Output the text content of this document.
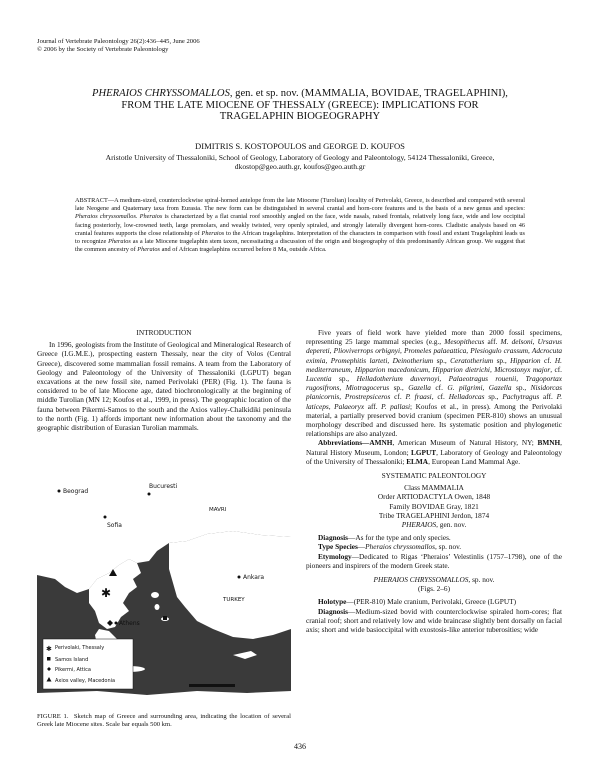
Journal of Vertebrate Paleontology 26(2):436–445, June 2006
© 2006 by the Society of Vertebrate Paleontology
PHERAIOS CHRYSSOMALLOS, gen. et sp. nov. (MAMMALIA, BOVIDAE, TRAGELAPHINI),
FROM THE LATE MIOCENE OF THESSALY (GREECE): IMPLICATIONS FOR
TRAGELAPHIN BIOGEOGRAPHY
DIMITRIS S. KOSTOPOULOS and GEORGE D. KOUFOS
Aristotle University of Thessaloniki, School of Geology, Laboratory of Geology and Paleontology, 54124 Thessaloniki, Greece,
dkostop@geo.auth.gr, koufos@geo.auth.gr
ABSTRACT—A medium-sized, counterclockwise spiral-horned antelope from the late Miocene (Turolian) locality of Perivolaki, Greece, is described and compared with several late Neogene and Quaternary taxa from Eurasia. The new form can be distinguished in several cranial and horn-core features and is the basis of a new genus and species: Pheraios chryssomallos. Pheraios is characterized by a flat cranial roof smoothly angled on the face, wide nasals, raised frontals, relatively long face, wide and low occipital facing posteriorly, low-crowned teeth, large premolars, and weakly twisted, very openly spiraled, and strongly laterally divergent horn-cores. Cladistic analysis based on 46 cranial features supports the close relationship of Pheraios to the African tragelaphins. Interpretation of the characters in comparison with fossil and extant Tragelaphini leads us to recognize Pheraios as a late Miocene tragelaphin stem taxon, necessitating a discussion of the origin and biogeography of this predominantly African group. We suggest that the common ancestry of Pheraios and of African tragelaphins occurred before 8 Ma, outside Africa.
INTRODUCTION

In 1996, geologists from the Institute of Geological and Mineralogical Research of Greece (I.G.M.E.), prospecting eastern Thessaly, near the city of Volos (Central Greece), discovered some mammalian fossil remains. A team from the Laboratory of Geology and Paleontology of the University of Thessaloniki (LGPUT) began excavations at the new fossil site, named Perivolaki (PER) (Fig. 1). The fauna is considered to be of late Miocene age, dated biochronologically at the beginning of middle Turolian (MN 12; Koufos et al., 1999, in press). The geographic location of the fauna between Pikermi-Samos to the south and the Axios valley-Chalkidiki peninsula to the north (Fig. 1) affords important new information about the taxonomy and the geographic distribution of Eurasian Turolian mammals.

Beograd
Bucuresti
Sofia
MAVRI
Ankara
TURKEY
Athens
✱
✱ Perivolaki, Thessaly
Samos Island
Pikermi, Attica
Axios valley, Macedonia
FIGURE 1. Sketch map of Greece and surrounding area, indicating the location of several Greek late Miocene sites. Scale bar equals 500 km.

Five years of field work have yielded more than 2000 fossil specimens, representing 25 large mammal species (e.g., Mesopithecus aff. M. delsoni, Ursavus depereti, Plioviverrops orbignyi, Promeles palaeattica, Plesiogulo crassum, Adcrocuta eximia, Promephitis larteti, Deinotherium sp., Ceratotherium sp., Hipparion cf. H. mediterraneum, Hipparion macedonicum, Hipparion dietrichi, Microstonyx major, cf. Lucentia sp., Helladotherium duvernoyi, Palaeotragus rouenii, Tragoportax rugosifrons, Miotragocerus sp., Gazella cf. G. pilgrimi, Gazella sp., Nisidorcas planicornis, Prostrepsiceros cf. P. fraasi, cf. Helladorcas sp., Pachytragus aff. P. laticeps, Palaeoryx aff. P. pallasi; Koufos et al., in press). Among the Perivolaki material, a partially preserved bovid cranium (specimen PER-810) shows an unusual morphology described and discussed here. Its systematic position and phylogenetic relationships are also analyzed.

Abbreviations—AMNH, American Museum of Natural History, NY; BMNH, Natural History Museum, London; LGPUT, Laboratory of Geology and Paleontology of the University of Thessaloniki; ELMA, European Land Mammal Age.

SYSTEMATIC PALEONTOLOGY
Class MAMMALIA
Order ARTIODACTYLA Owen, 1848
Family BOVIDAE Gray, 1821
Tribe TRAGELAPHINI Jerdon, 1874
PHERAIOS, gen. nov.

Diagnosis—As for the type and only species.

Type Species—Pheraios chryssomallos, sp. nov.

Etymology—Dedicated to Rigas ‘Pheraios’ Velestinlis (1757–1798), one of the pioneers and inspirers of the modern Greek state.

PHERAIOS CHRYSSOMALLOS, sp. nov.
(Figs. 2–6)

Holotype—(PER-810) Male cranium, Perivolaki, Greece (LGPUT)

Diagnosis—Medium-sized bovid with counterclockwise spiraled horn-cores; flat cranial roof; short and relatively low and wide braincase slightly bent dorsally on facial axis; short and wide basioccipital with exostosis-like anterior tuberosities; wide

436
